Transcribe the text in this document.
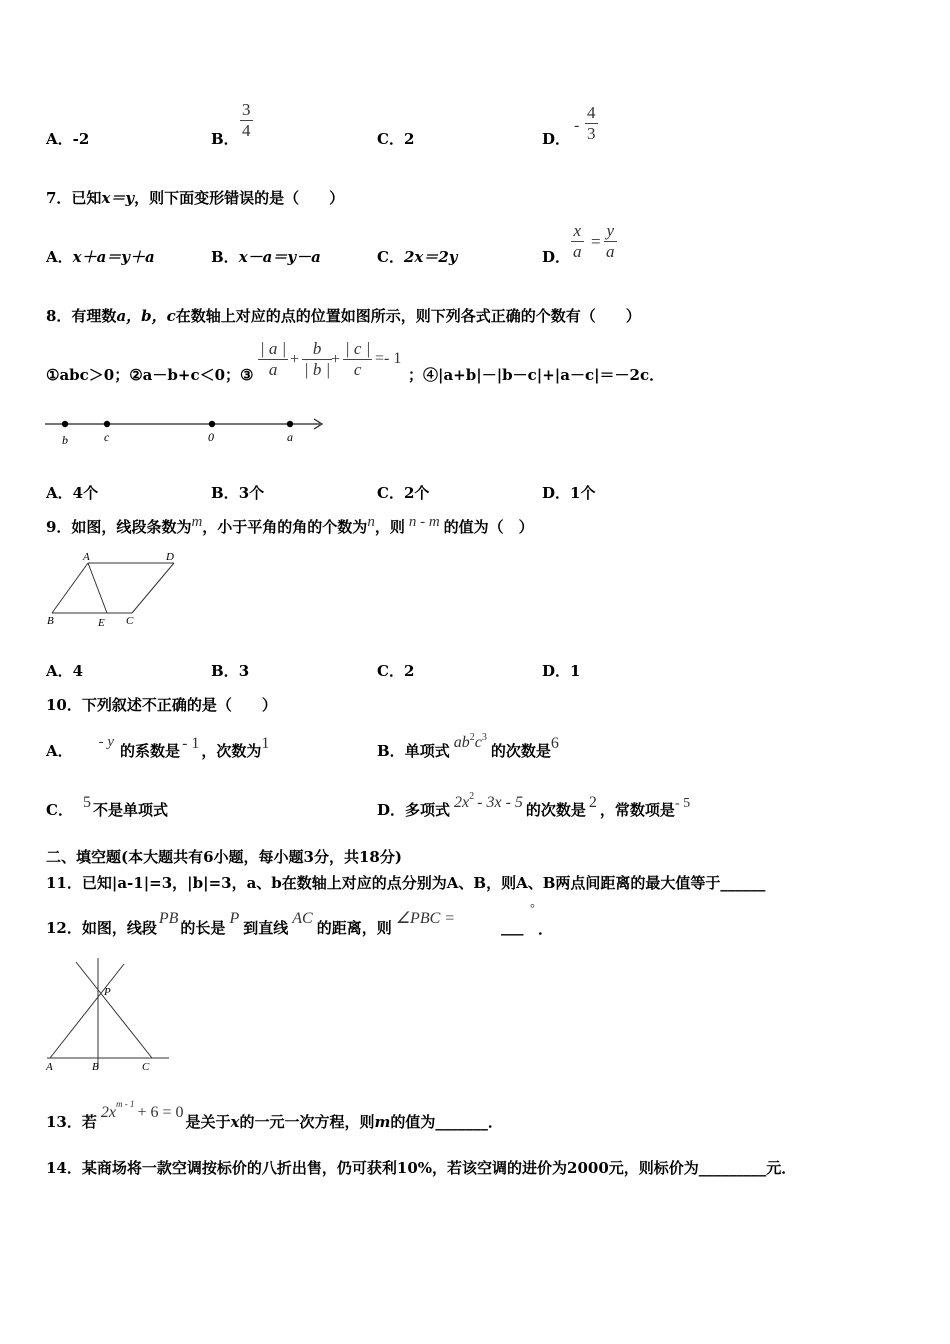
A．-2	B．
3
4	C．2	D．
-
4
3
7．已知x＝y，则下面变形错误的是（　　）
A．x＋a＝y＋a	B．x－a＝y－a	C．2x＝2y	D．
x
a
=
y
a
8．有理数a，b，c在数轴上对应的点的位置如图所示，则下列各式正确的个数有（　　）
①abc＞0；②a－b+c＜0；③
| a |
a
+
b
| b |
+
| c |
c
=- 1
；④|a+b|－|b－c|+|a－c|＝－2c．
b	c	0	a
A．4个	B．3个	C．2个	D．1个
9．如图，线段条数为m，小于平角的角的个数为n，则 n - m 的值为（　）
A	D
B	E C
A．4	B．3	C．2	D．1
10．下列叙述不正确的是（　　）
A． - y 的系数是 - 1 ，次数为1	B．单项式 $ab^2c^3$的次数是6
C． 5 不是单项式	D．多项式 $2x^2 - 3x - 5$ 的次数是 2 ，常数项是- 5
二、填空题(本大题共有6小题，每小题3分，共18分)
11．已知|a-1|=3，|b|=3，a、b在数轴上对应的点分别为A、B，则A、B两点间距离的最大值等于______
12．如图，线段PB的长是P到直线AC的距离，则∠PBC =
°
___ ．
P
A	B	C
13．若$2x^{m - 1} + 6 = 0$是关于x的一元一次方程，则m的值为_______．
14．某商场将一款空调按标价的八折出售，仍可获利10%，若该空调的进价为2000元，则标价为_________元．
